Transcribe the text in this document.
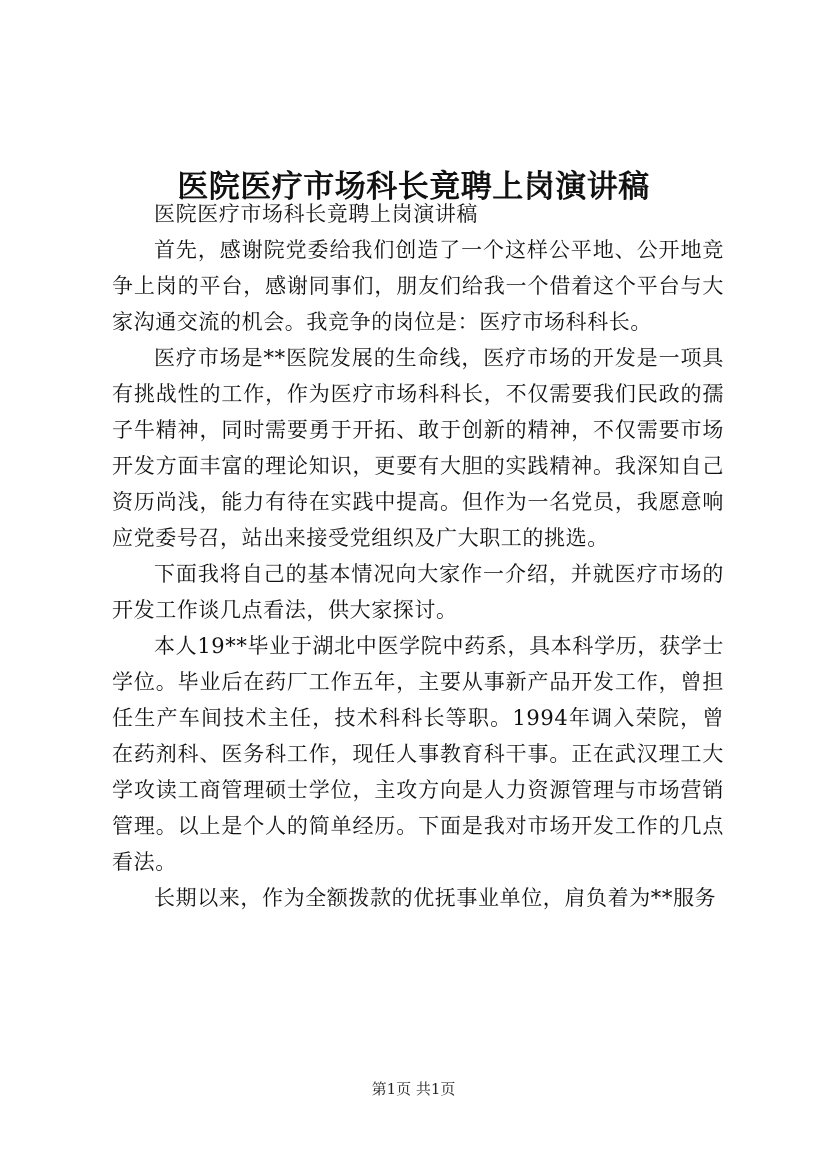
医院医疗市场科长竟聘上岗演讲稿

医院医疗市场科长竟聘上岗演讲稿

首先，感谢院党委给我们创造了一个这样公平地、公开地竞争上岗的平台，感谢同事们，朋友们给我一个借着这个平台与大家沟通交流的机会。我竞争的岗位是：医疗市场科科长。

医疗市场是**医院发展的生命线，医疗市场的开发是一项具有挑战性的工作，作为医疗市场科科长，不仅需要我们民政的孺子牛精神，同时需要勇于开拓、敢于创新的精神，不仅需要市场开发方面丰富的理论知识，更要有大胆的实践精神。我深知自己资历尚浅，能力有待在实践中提高。但作为一名党员，我愿意响应党委号召，站出来接受党组织及广大职工的挑选。

下面我将自己的基本情况向大家作一介绍，并就医疗市场的开发工作谈几点看法，供大家探讨。

本人19**毕业于湖北中医学院中药系，具本科学历，获学士学位。毕业后在药厂工作五年，主要从事新产品开发工作，曾担任生产车间技术主任，技术科科长等职。1994年调入荣院，曾在药剂科、医务科工作，现任人事教育科干事。正在武汉理工大学攻读工商管理硕士学位，主攻方向是人力资源管理与市场营销管理。以上是个人的简单经历。下面是我对市场开发工作的几点看法。

长期以来，作为全额拨款的优抚事业单位，肩负着为**服务

第1页 共1页
